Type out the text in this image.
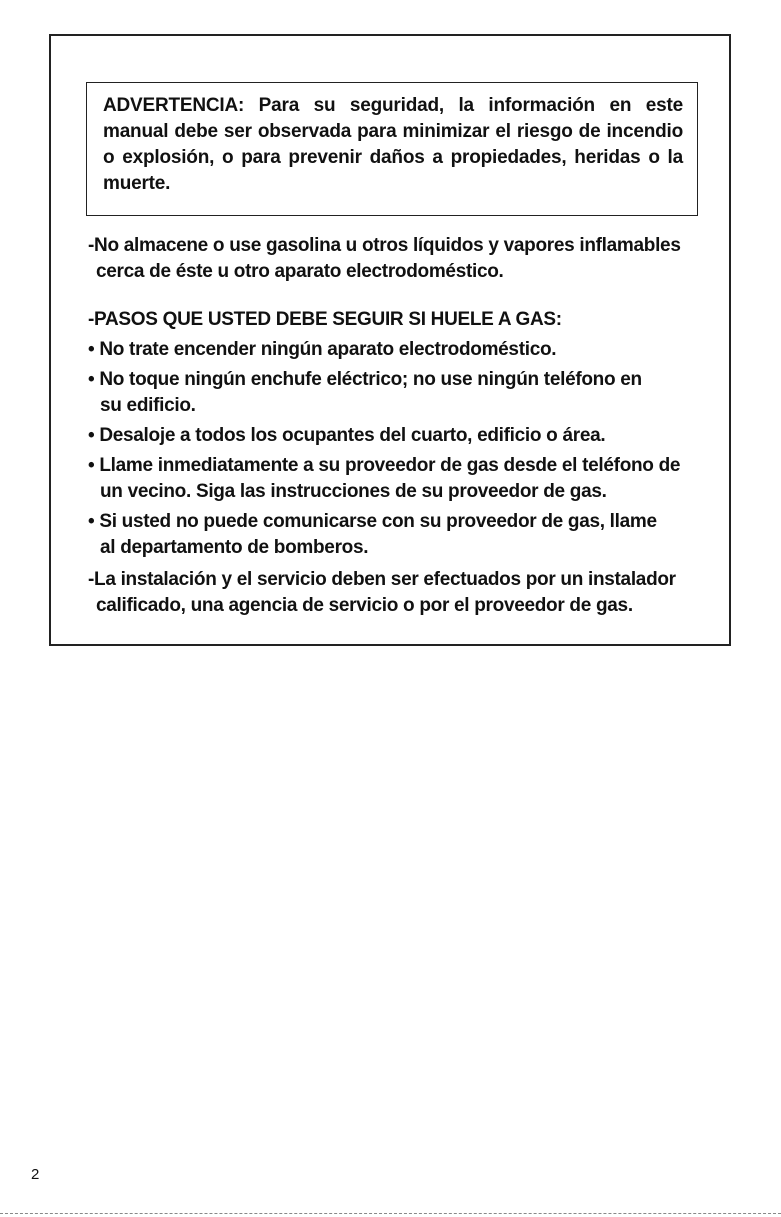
ADVERTENCIA: Para su seguridad, la información en este manual debe ser observada para minimizar el riesgo de incendio o explosión, o para prevenir daños a propiedades, heridas o la muerte.

-No almacene o use gasolina u otros líquidos y vapores inflamables
cerca de éste u otro aparato electrodoméstico.

-PASOS QUE USTED DEBE SEGUIR SI HUELE A GAS:

• No trate encender ningún aparato electrodoméstico.

• No toque ningún enchufe eléctrico; no use ningún teléfono en
su edificio.

• Desaloje a todos los ocupantes del cuarto, edificio o área.

• Llame inmediatamente a su proveedor de gas desde el teléfono de
un vecino. Siga las instrucciones de su proveedor de gas.

• Si usted no puede comunicarse con su proveedor de gas, llame
al departamento de bomberos.

-La instalación y el servicio deben ser efectuados por un instalador
calificado, una agencia de servicio o por el proveedor de gas.

2
